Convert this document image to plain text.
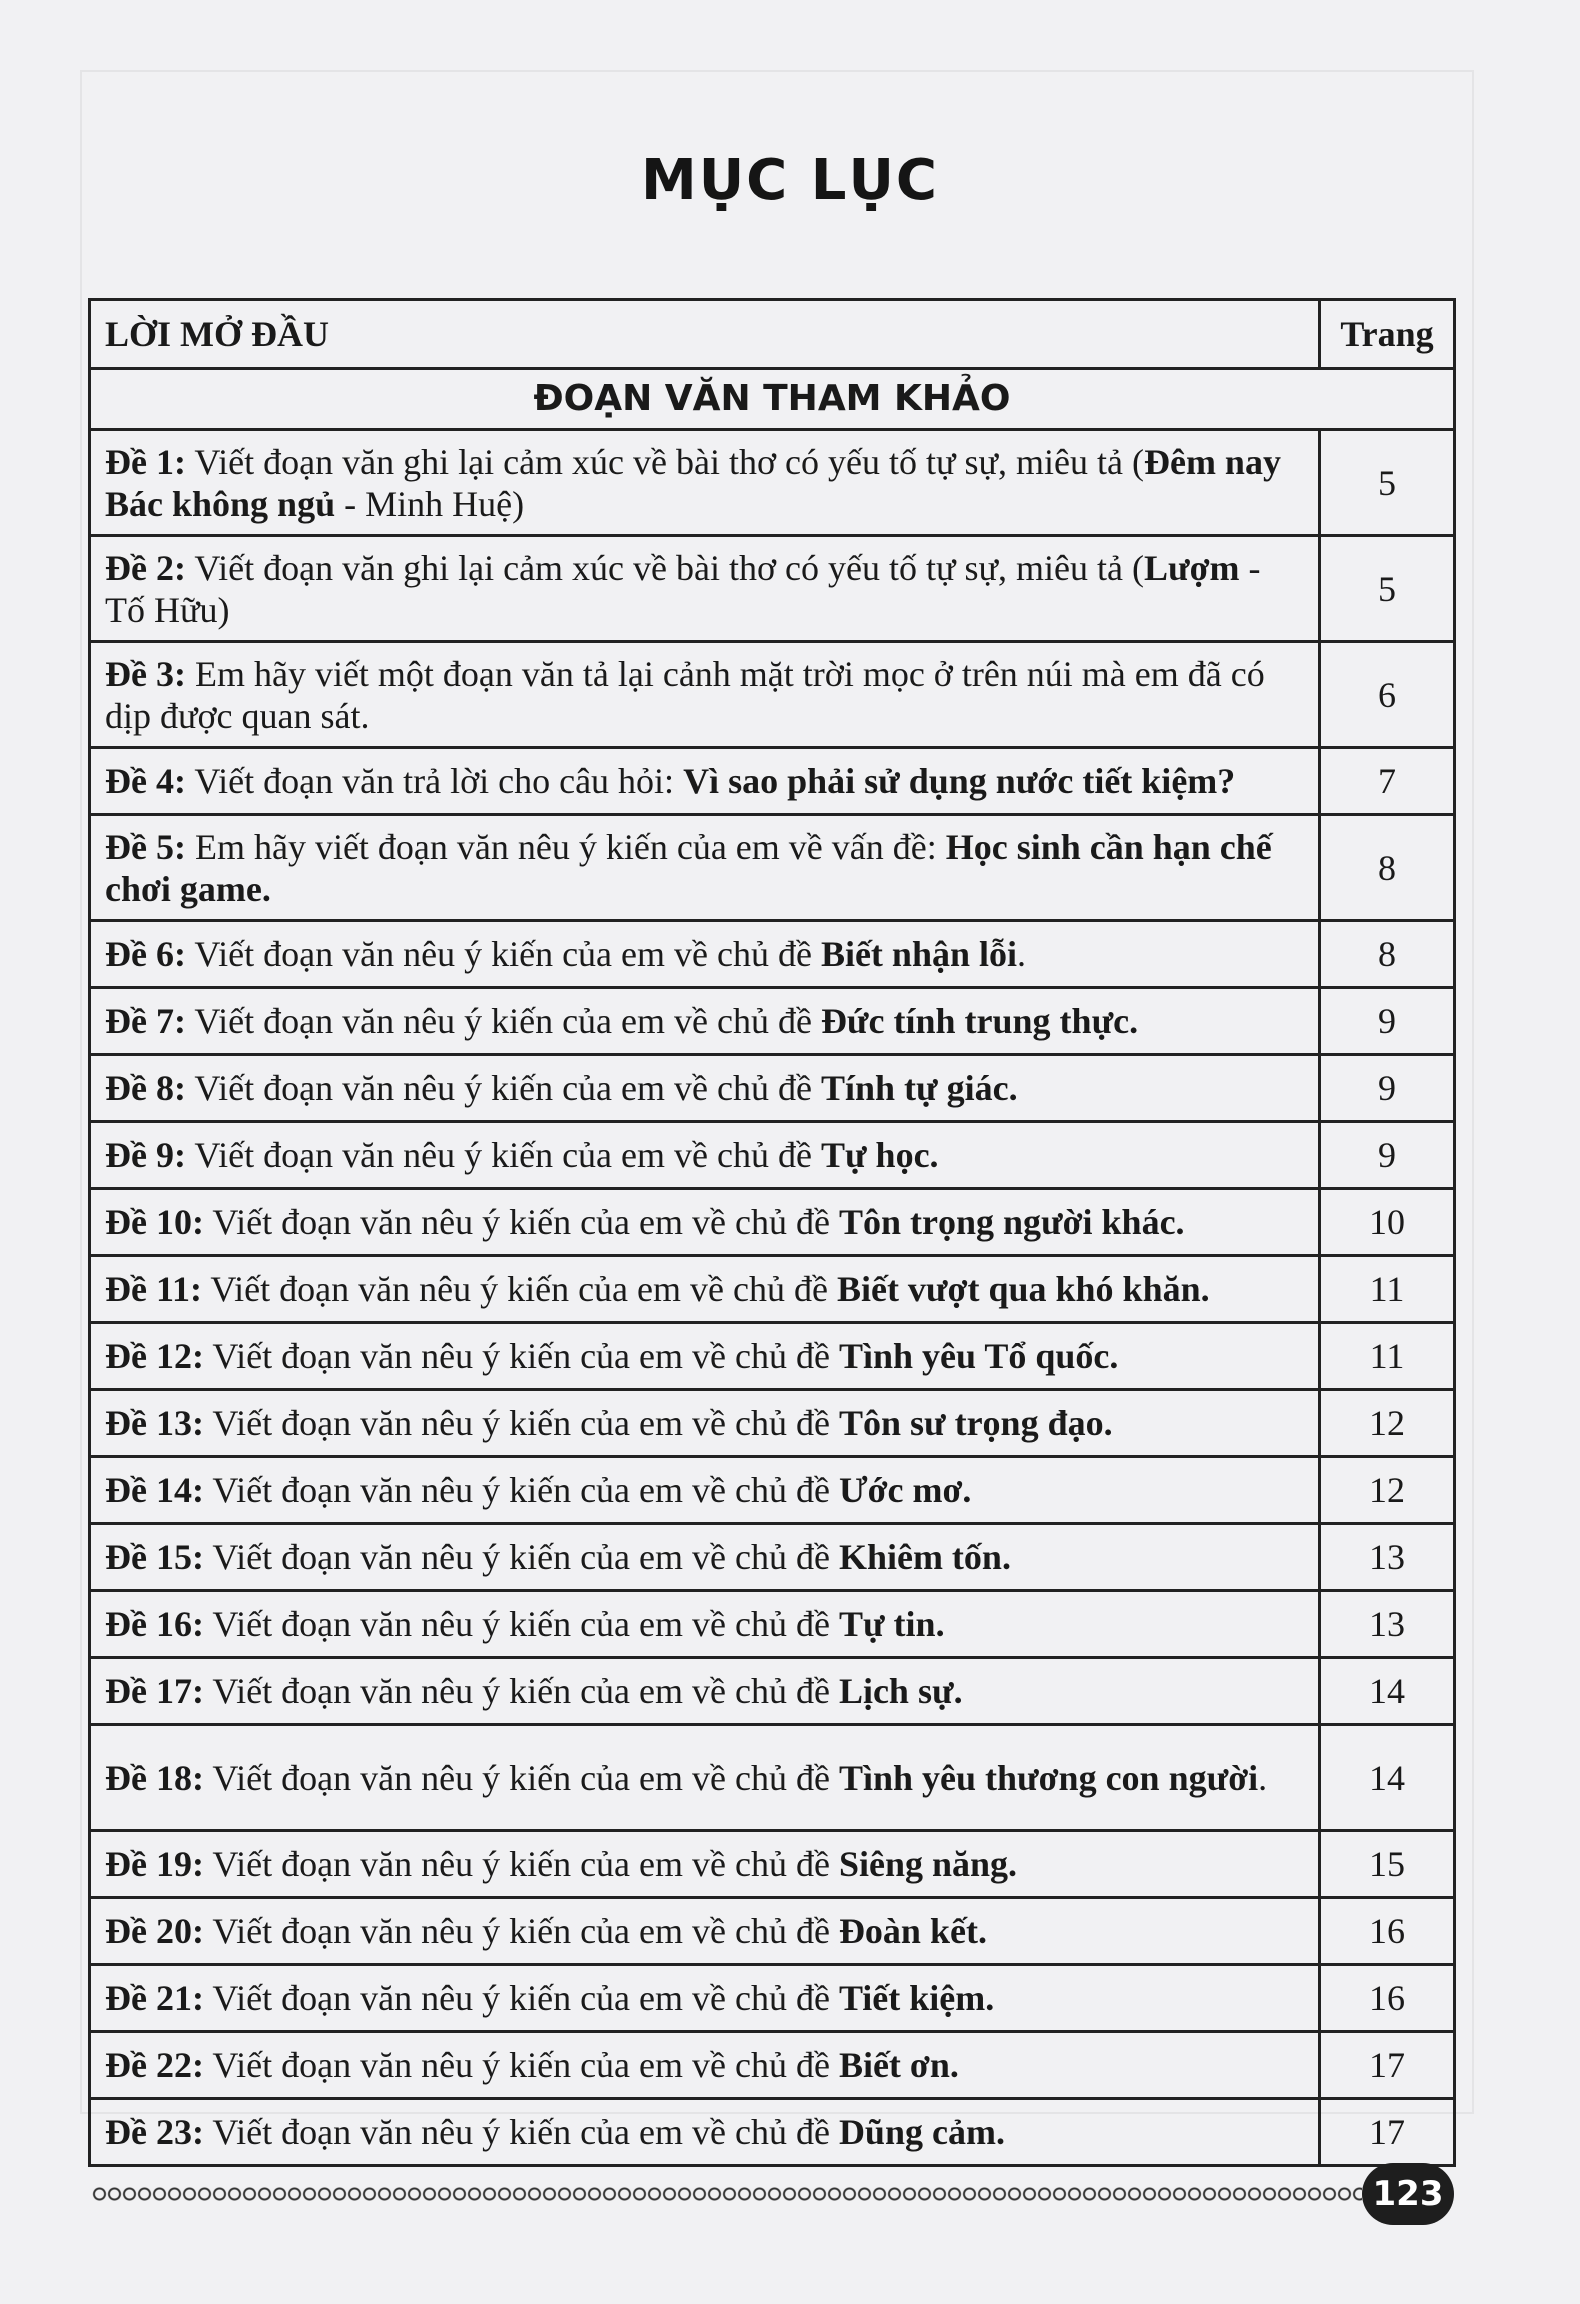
MỤC LỤC
LỜI MỞ ĐẦU	Trang
ĐOẠN VĂN THAM KHẢO	
Đề 1: Viết đoạn văn ghi lại cảm xúc về bài thơ có yếu tố tự sự, miêu tả (Đêm nay Bác không ngủ - Minh Huệ)	5
Đề 2: Viết đoạn văn ghi lại cảm xúc về bài thơ có yếu tố tự sự, miêu tả (Lượm - Tố Hữu)	5
Đề 3: Em hãy viết một đoạn văn tả lại cảnh mặt trời mọc ở trên núi mà em đã có dịp được quan sát.	6
Đề 4: Viết đoạn văn trả lời cho câu hỏi: Vì sao phải sử dụng nước tiết kiệm?	7
Đề 5: Em hãy viết đoạn văn nêu ý kiến của em về vấn đề: Học sinh cần hạn chế chơi game.	8
Đề 6: Viết đoạn văn nêu ý kiến của em về chủ đề Biết nhận lỗi.	8
Đề 7: Viết đoạn văn nêu ý kiến của em về chủ đề Đức tính trung thực.	9
Đề 8: Viết đoạn văn nêu ý kiến của em về chủ đề Tính tự giác.	9
Đề 9: Viết đoạn văn nêu ý kiến của em về chủ đề Tự học.	9
Đề 10: Viết đoạn văn nêu ý kiến của em về chủ đề Tôn trọng người khác.	10
Đề 11: Viết đoạn văn nêu ý kiến của em về chủ đề Biết vượt qua khó khăn.	11
Đề 12: Viết đoạn văn nêu ý kiến của em về chủ đề Tình yêu Tổ quốc.	11
Đề 13: Viết đoạn văn nêu ý kiến của em về chủ đề Tôn sư trọng đạo.	12
Đề 14: Viết đoạn văn nêu ý kiến của em về chủ đề Ước mơ.	12
Đề 15: Viết đoạn văn nêu ý kiến của em về chủ đề Khiêm tốn.	13
Đề 16: Viết đoạn văn nêu ý kiến của em về chủ đề Tự tin.	13
Đề 17: Viết đoạn văn nêu ý kiến của em về chủ đề Lịch sự.	14
Đề 18: Viết đoạn văn nêu ý kiến của em về chủ đề Tình yêu thương con người.	14
Đề 19: Viết đoạn văn nêu ý kiến của em về chủ đề Siêng năng.	15
Đề 20: Viết đoạn văn nêu ý kiến của em về chủ đề Đoàn kết.	16
Đề 21: Viết đoạn văn nêu ý kiến của em về chủ đề Tiết kiệm.	16
Đề 22: Viết đoạn văn nêu ý kiến của em về chủ đề Biết ơn.	17
Đề 23: Viết đoạn văn nêu ý kiến của em về chủ đề Dũng cảm.	17
123
